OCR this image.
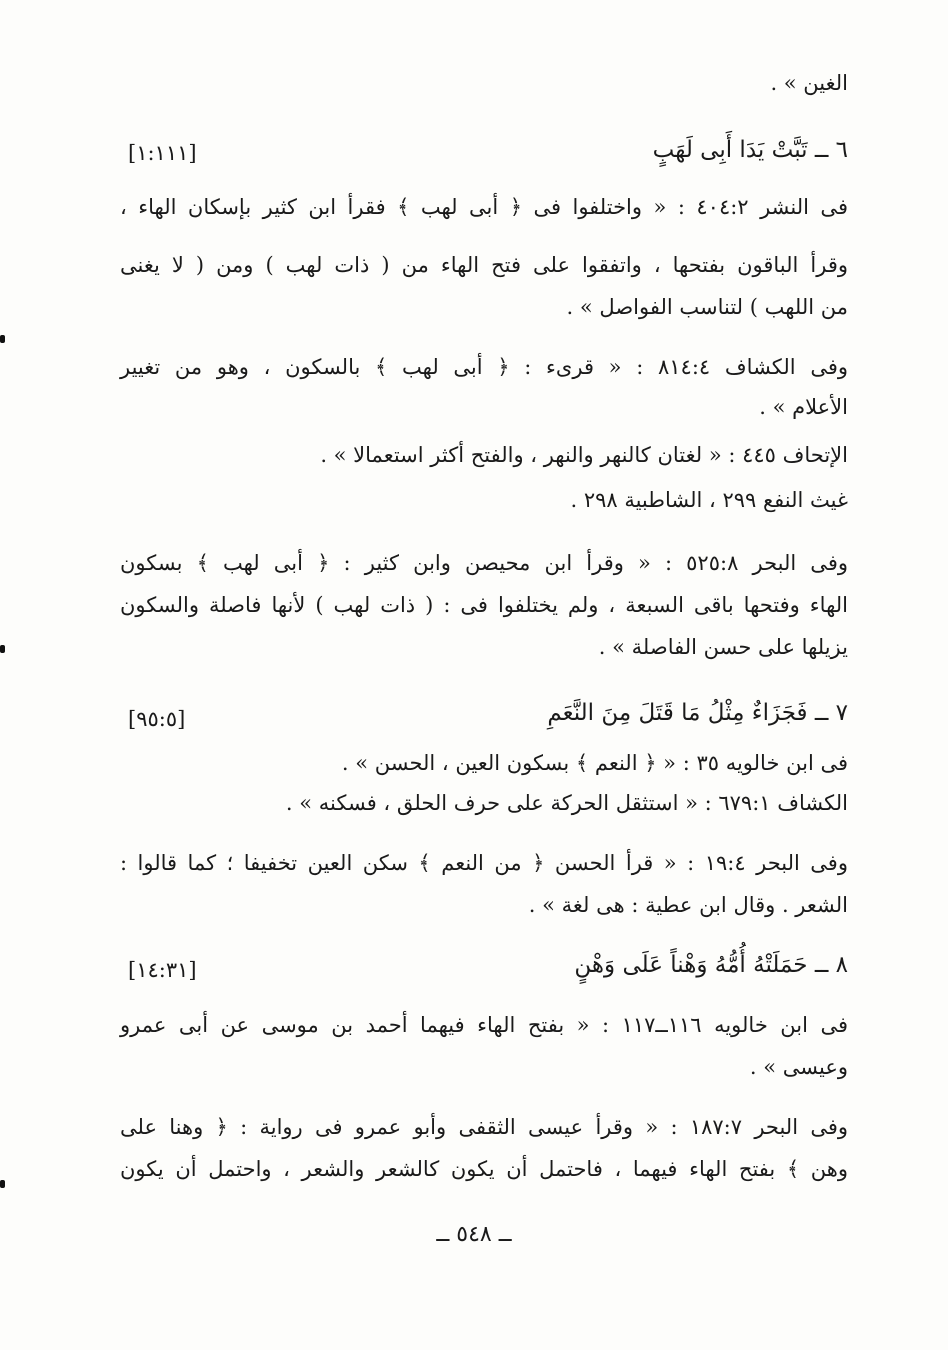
الغين » .
٦ ــ تَبَّتْ يَدَا أَبِى لَهَبٍ
[١:١١١]
فى النشر ٤٠٤:٢ : « واختلفوا فى ﴿ أبى لهب ﴾ فقرأ ابن كثير بإسكان الهاء ،
وقرأ الباقون بفتحها ، واتفقوا على فتح الهاء من ( ذات لهب ) ومن ( لا يغنى
من اللهب ) لتناسب الفواصل » .
وفى الكشاف ٨١٤:٤ : « قرىء : ﴿ أبى لهب ﴾ بالسكون ، وهو من تغيير
الأعلام » .
الإتحاف ٤٤٥ : « لغتان كالنهر والنهر ، والفتح أكثر استعمالا » .
غيث النفع ٢٩٩ ، الشاطبية ٢٩٨ .
وفى البحر ٥٢٥:٨ : « وقرأ ابن محيصن وابن كثير : ﴿ أبى لهب ﴾ بسكون
الهاء وفتحها باقى السبعة ، ولم يختلفوا فى : ( ذات لهب ) لأنها فاصلة والسكون
يزيلها على حسن الفاصلة » .
٧ ــ فَجَزَاءٌ مِثْلُ مَا قَتَلَ مِنَ النَّعَمِ
[٩٥:٥]
فى ابن خالويه ٣٥ : « ﴿ النعم ﴾ بسكون العين ، الحسن » .
الكشاف ٦٧٩:١ : « استثقل الحركة على حرف الحلق ، فسكنه » .
وفى البحر ١٩:٤ : « قرأ الحسن ﴿ من النعم ﴾ سكن العين تخفيفا ؛ كما قالوا :
الشعر . وقال ابن عطية : هى لغة » .
٨ ــ حَمَلَتْهُ أُمُّهُ وَهْناً عَلَى وَهْنٍ
[١٤:٣١]
فى ابن خالويه ١١٦ــ١١٧ : « بفتح الهاء فيهما أحمد بن موسى عن أبى عمرو
وعيسى » .
وفى البحر ١٨٧:٧ : « وقرأ عيسى الثقفى وأبو عمرو فى رواية : ﴿ وهنا على
وهن ﴾ بفتح الهاء فيهما ، فاحتمل أن يكون كالشعر والشعر ، واحتمل أن يكون
ــ ٥٤٨ ــ
